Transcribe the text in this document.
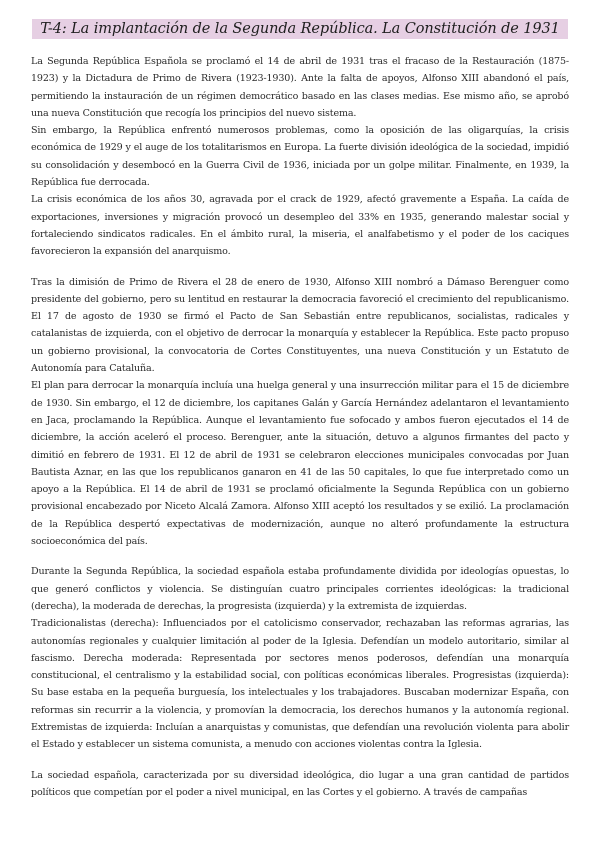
T-4: La implantación de la Segunda República. La Constitución de 1931

La Segunda República Española se proclamó el 14 de abril de 1931 tras el fracaso de la Restauración (1875-1923) y la Dictadura de Primo de Rivera (1923-1930). Ante la falta de apoyos, Alfonso XIII abandonó el país, permitiendo la instauración de un régimen democrático basado en las clases medias. Ese mismo año, se aprobó una nueva Constitución que recogía los principios del nuevo sistema.

Sin embargo, la República enfrentó numerosos problemas, como la oposición de las oligarquías, la crisis económica de 1929 y el auge de los totalitarismos en Europa. La fuerte división ideológica de la sociedad, impidió su consolidación y desembocó en la Guerra Civil de 1936, iniciada por un golpe militar. Finalmente, en 1939, la República fue derrocada.

La crisis económica de los años 30, agravada por el crack de 1929, afectó gravemente a España. La caída de exportaciones, inversiones y migración provocó un desempleo del 33% en 1935, generando malestar social y fortaleciendo sindicatos radicales. En el ámbito rural, la miseria, el analfabetismo y el poder de los caciques favorecieron la expansión del anarquismo.

Tras la dimisión de Primo de Rivera el 28 de enero de 1930, Alfonso XIII nombró a Dámaso Berenguer como presidente del gobierno, pero su lentitud en restaurar la democracia favoreció el crecimiento del republicanismo. El 17 de agosto de 1930 se firmó el Pacto de San Sebastián entre republicanos, socialistas, radicales y catalanistas de izquierda, con el objetivo de derrocar la monarquía y establecer la República. Este pacto propuso un gobierno provisional, la convocatoria de Cortes Constituyentes, una nueva Constitución y un Estatuto de Autonomía para Cataluña.

El plan para derrocar la monarquía incluía una huelga general y una insurrección militar para el 15 de diciembre de 1930. Sin embargo, el 12 de diciembre, los capitanes Galán y García Hernández adelantaron el levantamiento en Jaca, proclamando la República. Aunque el levantamiento fue sofocado y ambos fueron ejecutados el 14 de diciembre, la acción aceleró el proceso. Berenguer, ante la situación, detuvo a algunos firmantes del pacto y dimitió en febrero de 1931. El 12 de abril de 1931 se celebraron elecciones municipales convocadas por Juan Bautista Aznar, en las que los republicanos ganaron en 41 de las 50 capitales, lo que fue interpretado como un apoyo a la República. El 14 de abril de 1931 se proclamó oficialmente la Segunda República con un gobierno provisional encabezado por Niceto Alcalá Zamora. Alfonso XIII aceptó los resultados y se exilió. La proclamación de la República despertó expectativas de modernización, aunque no alteró profundamente la estructura socioeconómica del país.

Durante la Segunda República, la sociedad española estaba profundamente dividida por ideologías opuestas, lo que generó conflictos y violencia. Se distinguían cuatro principales corrientes ideológicas: la tradicional (derecha), la moderada de derechas, la progresista (izquierda) y la extremista de izquierdas.

Tradicionalistas (derecha): Influenciados por el catolicismo conservador, rechazaban las reformas agrarias, las autonomías regionales y cualquier limitación al poder de la Iglesia. Defendían un modelo autoritario, similar al fascismo. Derecha moderada: Representada por sectores menos poderosos, defendían una monarquía constitucional, el centralismo y la estabilidad social, con políticas económicas liberales. Progresistas (izquierda): Su base estaba en la pequeña burguesía, los intelectuales y los trabajadores. Buscaban modernizar España, con reformas sin recurrir a la violencia, y promovían la democracia, los derechos humanos y la autonomía regional. Extremistas de izquierda: Incluían a anarquistas y comunistas, que defendían una revolución violenta para abolir el Estado y establecer un sistema comunista, a menudo con acciones violentas contra la Iglesia.

La sociedad española, caracterizada por su diversidad ideológica, dio lugar a una gran cantidad de partidos políticos que competían por el poder a nivel municipal, en las Cortes y el gobierno. A través de campañas
